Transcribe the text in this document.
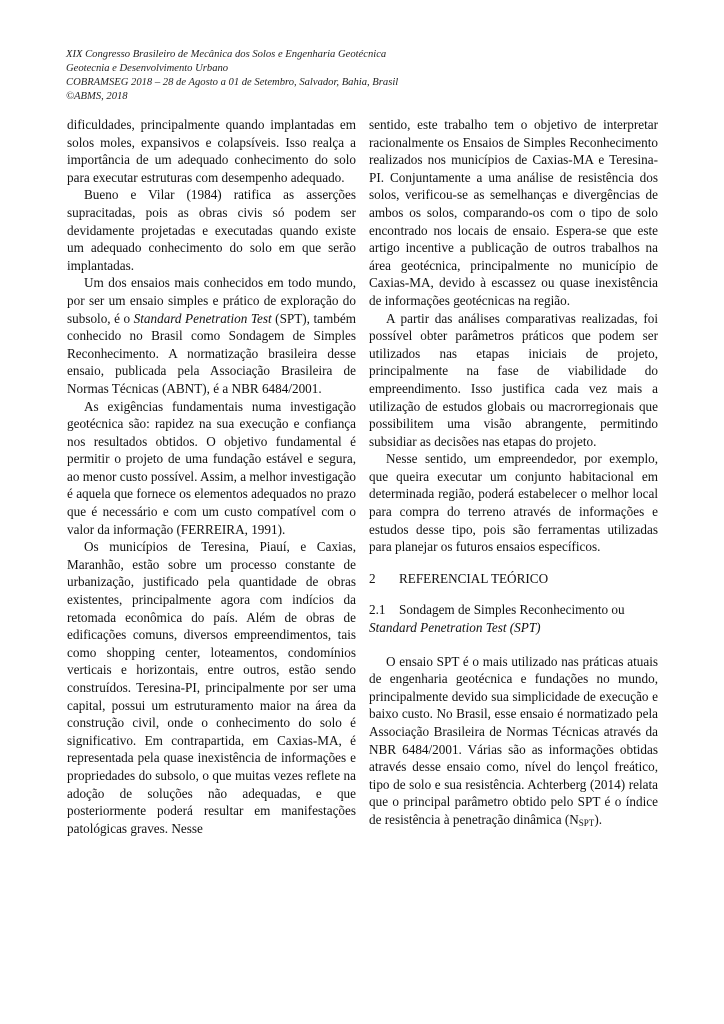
XIX Congresso Brasileiro de Mecânica dos Solos e Engenharia Geotécnica
Geotecnia e Desenvolvimento Urbano
COBRAMSEG 2018 – 28 de Agosto a 01 de Setembro, Salvador, Bahia, Brasil
©ABMS, 2018

dificuldades, principalmente quando implantadas em solos moles, expansivos e colapsíveis. Isso realça a importância de um adequado conhecimento do solo para executar estruturas com desempenho adequado.

Bueno e Vilar (1984) ratifica as asserções supracitadas, pois as obras civis só podem ser devidamente projetadas e executadas quando existe um adequado conhecimento do solo em que serão implantadas.

Um dos ensaios mais conhecidos em todo mundo, por ser um ensaio simples e prático de exploração do subsolo, é o Standard Penetration Test (SPT), também conhecido no Brasil como Sondagem de Simples Reconhecimento. A normatização brasileira desse ensaio, publicada pela Associação Brasileira de Normas Técnicas (ABNT), é a NBR 6484/2001.

As exigências fundamentais numa investigação geotécnica são: rapidez na sua execução e confiança nos resultados obtidos. O objetivo fundamental é permitir o projeto de uma fundação estável e segura, ao menor custo possível. Assim, a melhor investigação é aquela que fornece os elementos adequados no prazo que é necessário e com um custo compatível com o valor da informação (FERREIRA, 1991).

Os municípios de Teresina, Piauí, e Caxias, Maranhão, estão sobre um processo constante de urbanização, justificado pela quantidade de obras existentes, principalmente agora com indícios da retomada econômica do país. Além de obras de edificações comuns, diversos empreendimentos, tais como shopping center, loteamentos, condomínios verticais e horizontais, entre outros, estão sendo construídos. Teresina-PI, principalmente por ser uma capital, possui um estruturamento maior na área da construção civil, onde o conhecimento do solo é significativo. Em contrapartida, em Caxias-MA, é representada pela quase inexistência de informações e propriedades do subsolo, o que muitas vezes reflete na adoção de soluções não adequadas, e que posteriormente poderá resultar em manifestações patológicas graves. Nesse

sentido, este trabalho tem o objetivo de interpretar racionalmente os Ensaios de Simples Reconhecimento realizados nos municípios de Caxias-MA e Teresina-PI. Conjuntamente a uma análise de resistência dos solos, verificou-se as semelhanças e divergências de ambos os solos, comparando-os com o tipo de solo encontrado nos locais de ensaio. Espera-se que este artigo incentive a publicação de outros trabalhos na área geotécnica, principalmente no município de Caxias-MA, devido à escassez ou quase inexistência de informações geotécnicas na região.

A partir das análises comparativas realizadas, foi possível obter parâmetros práticos que podem ser utilizados nas etapas iniciais de projeto, principalmente na fase de viabilidade do empreendimento. Isso justifica cada vez mais a utilização de estudos globais ou macrorregionais que possibilitem uma visão abrangente, permitindo subsidiar as decisões nas etapas do projeto.

Nesse sentido, um empreendedor, por exemplo, que queira executar um conjunto habitacional em determinada região, poderá estabelecer o melhor local para compra do terreno através de informações e estudos desse tipo, pois são ferramentas utilizadas para planejar os futuros ensaios específicos.

2 REFERENCIAL TEÓRICO
2.1 Sondagem de Simples Reconhecimento ou Standard Penetration Test (SPT)

O ensaio SPT é o mais utilizado nas práticas atuais de engenharia geotécnica e fundações no mundo, principalmente devido sua simplicidade de execução e baixo custo. No Brasil, esse ensaio é normatizado pela Associação Brasileira de Normas Técnicas através da NBR 6484/2001. Várias são as informações obtidas através desse ensaio como, nível do lençol freático, tipo de solo e sua resistência. Achterberg (2014) relata que o principal parâmetro obtido pelo SPT é o índice de resistência à penetração dinâmica $(N_{SPT})$.
